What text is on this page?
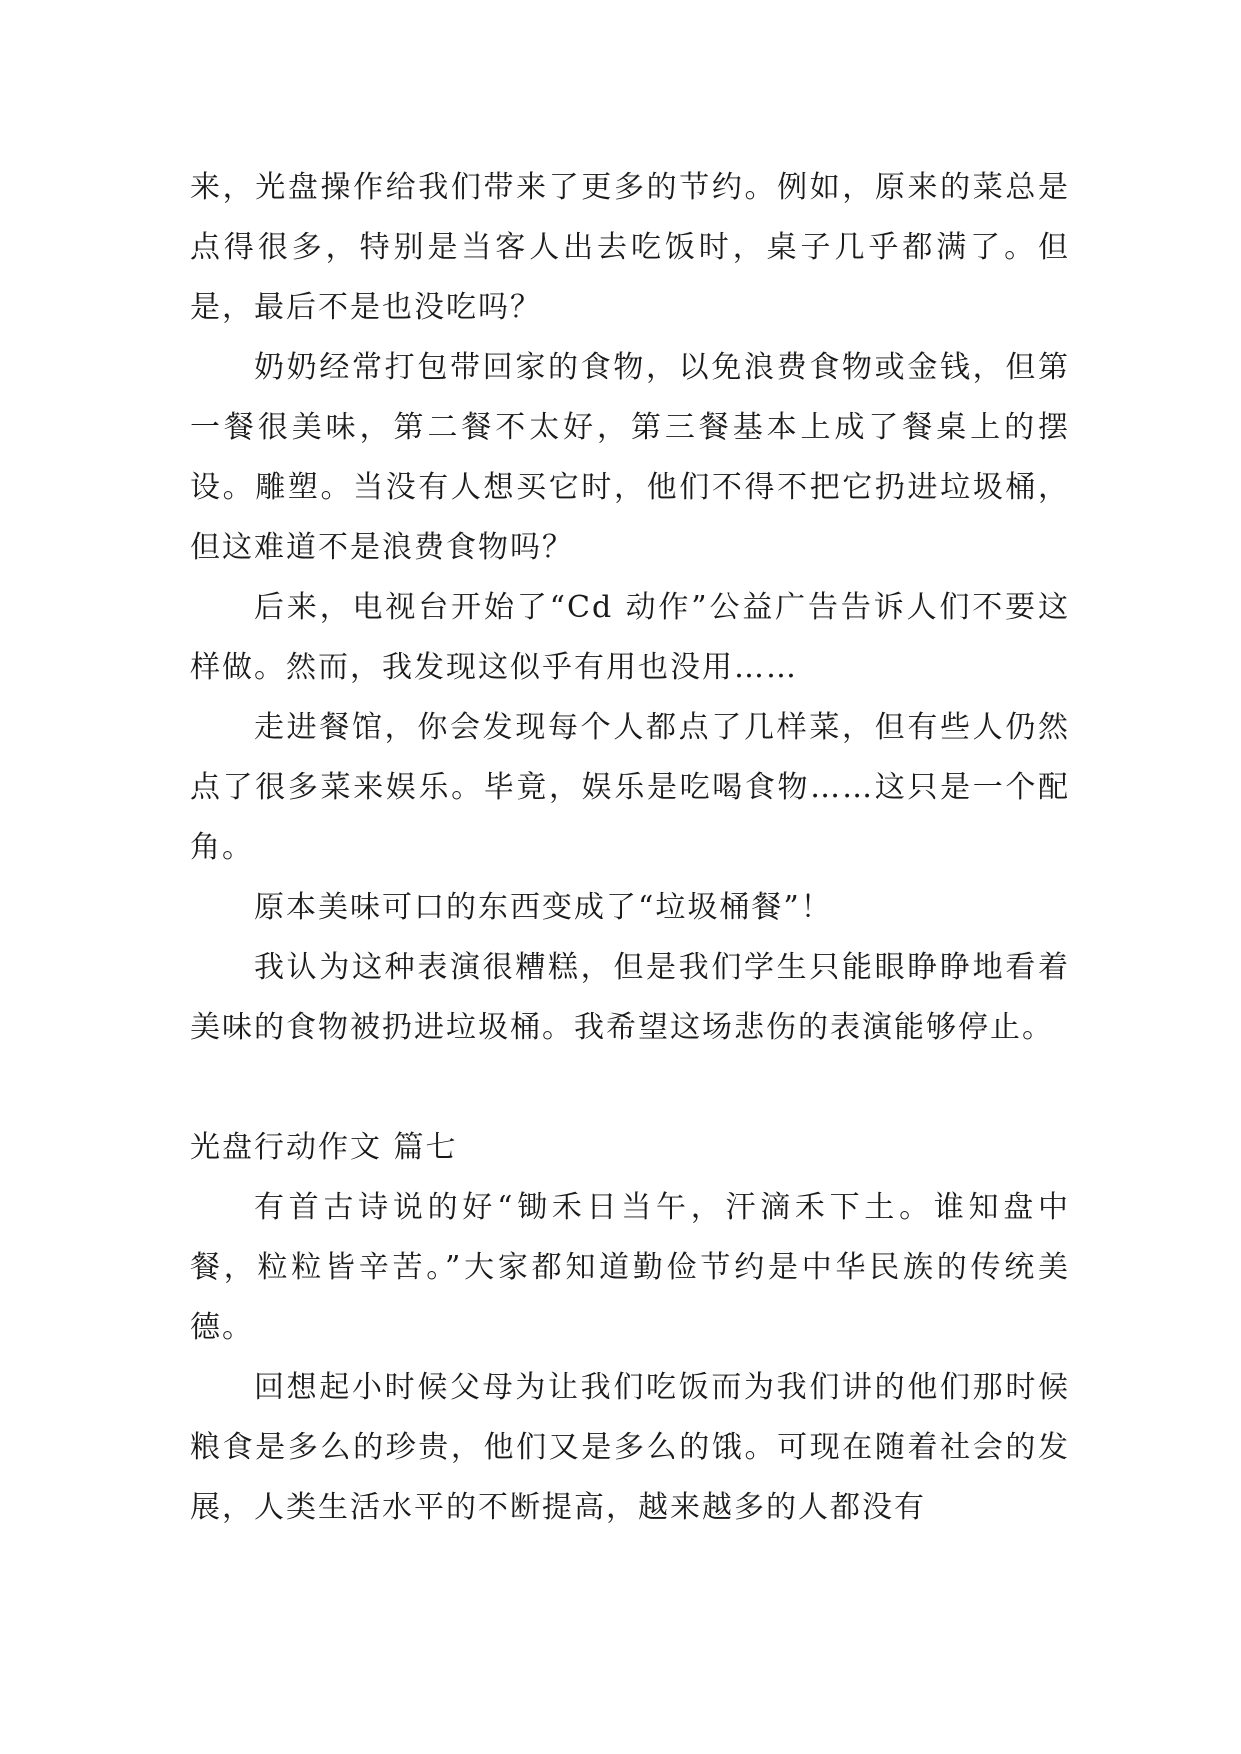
来，光盘操作给我们带来了更多的节约。例如，原来的菜总是点得很多，特别是当客人出去吃饭时，桌子几乎都满了。但是，最后不是也没吃吗？

奶奶经常打包带回家的食物，以免浪费食物或金钱，但第一餐很美味，第二餐不太好，第三餐基本上成了餐桌上的摆设。雕塑。当没有人想买它时，他们不得不把它扔进垃圾桶，但这难道不是浪费食物吗？

后来，电视台开始了“Cd 动作”公益广告告诉人们不要这样做。然而，我发现这似乎有用也没用……

走进餐馆，你会发现每个人都点了几样菜，但有些人仍然点了很多菜来娱乐。毕竟，娱乐是吃喝食物……这只是一个配角。

原本美味可口的东西变成了“垃圾桶餐”！

我认为这种表演很糟糕，但是我们学生只能眼睁睁地看着美味的食物被扔进垃圾桶。我希望这场悲伤的表演能够停止。

光盘行动作文 篇七

有首古诗说的好“锄禾日当午，汗滴禾下土。谁知盘中餐，粒粒皆辛苦。”大家都知道勤俭节约是中华民族的传统美德。

回想起小时候父母为让我们吃饭而为我们讲的他们那时候粮食是多么的珍贵，他们又是多么的饿。可现在随着社会的发展，人类生活水平的不断提高，越来越多的人都没有
